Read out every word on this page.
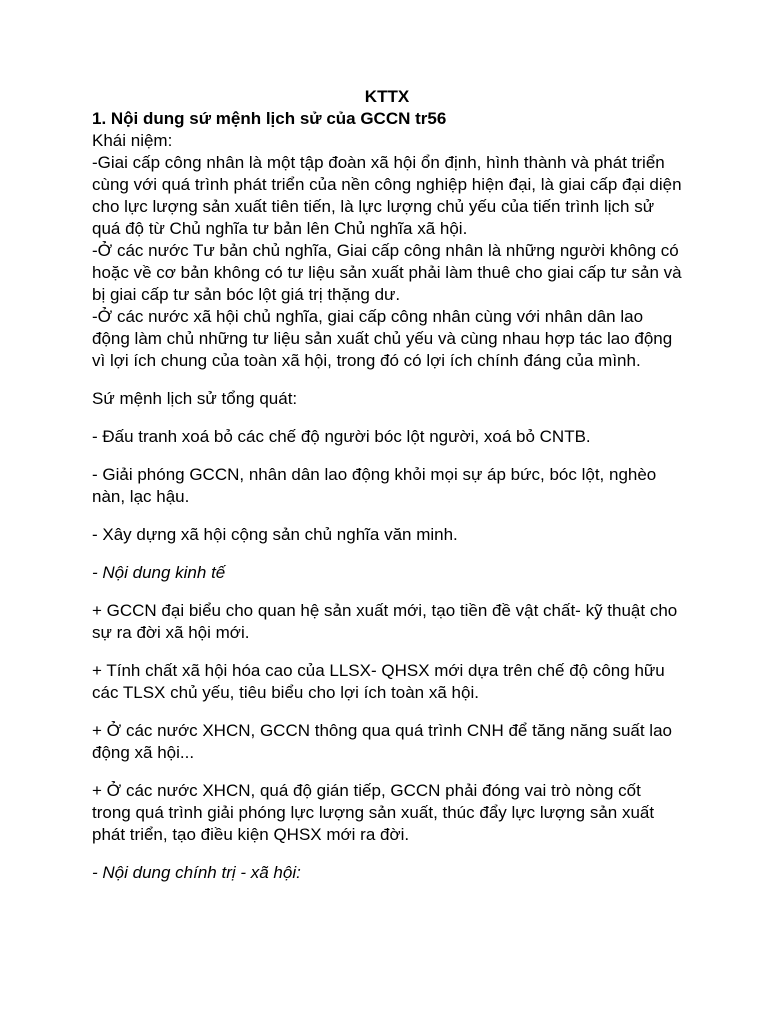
KTTX

1. Nội dung sứ mệnh lịch sử của GCCN tr56

Khái niệm:

-Giai cấp công nhân là một tập đoàn xã hội ổn định, hình thành và phát triển cùng với quá trình phát triển của nền công nghiệp hiện đại, là giai cấp đại diện cho lực lượng sản xuất tiên tiến, là lực lượng chủ yếu của tiến trình lịch sử quá độ từ Chủ nghĩa tư bản lên Chủ nghĩa xã hội.

-Ở các nước Tư bản chủ nghĩa, Giai cấp công nhân là những người không có hoặc về cơ bản không có tư liệu sản xuất phải làm thuê cho giai cấp tư sản và bị giai cấp tư sản bóc lột giá trị thặng dư.

-Ở các nước xã hội chủ nghĩa, giai cấp công nhân cùng với nhân dân lao động làm chủ những tư liệu sản xuất chủ yếu và cùng nhau hợp tác lao động vì lợi ích chung của toàn xã hội, trong đó có lợi ích chính đáng của mình.

Sứ mệnh lịch sử tổng quát:

- Đấu tranh xoá bỏ các chế độ người bóc lột người, xoá bỏ CNTB.

- Giải phóng GCCN, nhân dân lao động khỏi mọi sự áp bức, bóc lột, nghèo nàn, lạc hậu.

- Xây dựng xã hội cộng sản chủ nghĩa văn minh.

- Nội dung kinh tế

+ GCCN đại biểu cho quan hệ sản xuất mới, tạo tiền đề vật chất- kỹ thuật cho sự ra đời xã hội mới.

+ Tính chất xã hội hóa cao của LLSX- QHSX mới dựa trên chế độ công hữu các TLSX chủ yếu, tiêu biểu cho lợi ích toàn xã hội.

+ Ở các nước XHCN, GCCN thông qua quá trình CNH để tăng năng suất lao động xã hội...

+ Ở các nước XHCN, quá độ gián tiếp, GCCN phải đóng vai trò nòng cốt trong quá trình giải phóng lực lượng sản xuất, thúc đẩy lực lượng sản xuất phát triển, tạo điều kiện QHSX mới ra đời.

- Nội dung chính trị - xã hội:
